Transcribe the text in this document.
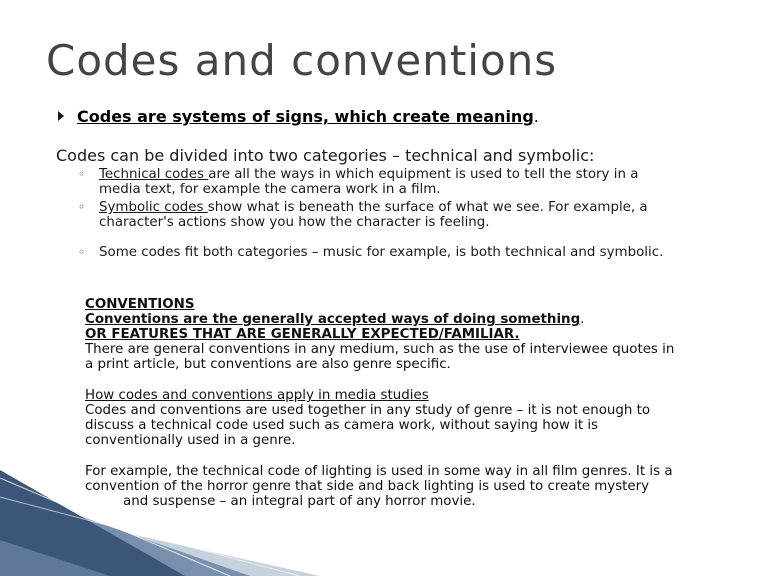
Codes and conventions
Codes are systems of signs, which create meaning.
Codes can be divided into two categories – technical and symbolic:
◦ Technical codes are all the ways in which equipment is used to tell the story in a
media text, for example the camera work in a film.
◦ Symbolic codes show what is beneath the surface of what we see. For example, a
character's actions show you how the character is feeling.
◦ Some codes fit both categories – music for example, is both technical and symbolic.
CONVENTIONS
Conventions are the generally accepted ways of doing something.
OR FEATURES THAT ARE GENERALLY EXPECTED/FAMILIAR.
There are general conventions in any medium, such as the use of interviewee quotes in
a print article, but conventions are also genre specific.
How codes and conventions apply in media studies
Codes and conventions are used together in any study of genre – it is not enough to
discuss a technical code used such as camera work, without saying how it is
conventionally used in a genre.
For example, the technical code of lighting is used in some way in all film genres. It is a
convention of the horror genre that side and back lighting is used to create mystery
and suspense – an integral part of any horror movie.
